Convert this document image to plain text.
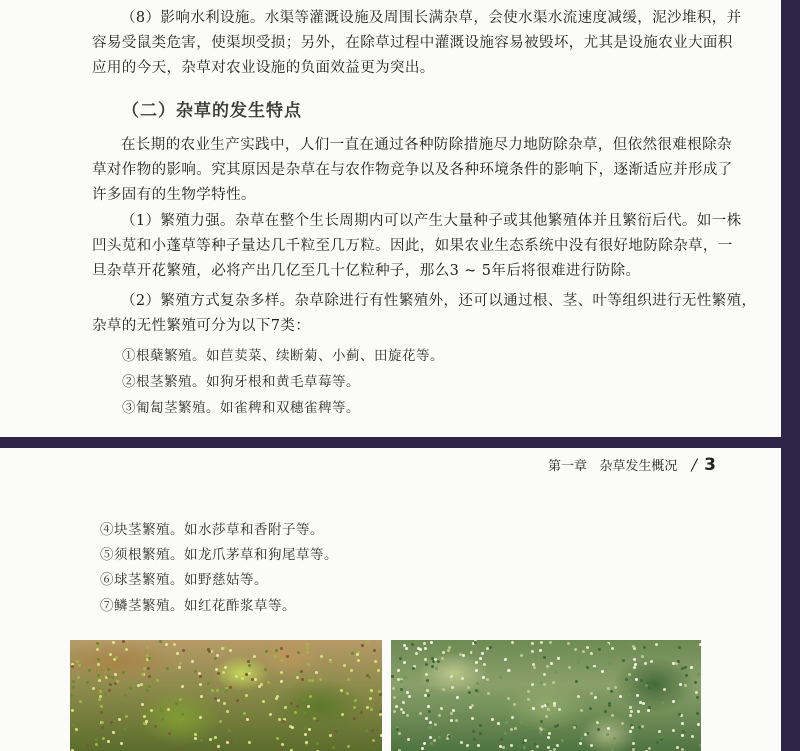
（8）影响水利设施。水渠等灌溉设施及周围长满杂草，会使水渠水流速度减缓，泥沙堆积，并
容易受鼠类危害，使渠坝受损；另外，在除草过程中灌溉设施容易被毁坏，尤其是设施农业大面积
应用的今天，杂草对农业设施的负面效益更为突出。

（二）杂草的发生特点

在长期的农业生产实践中，人们一直在通过各种防除措施尽力地防除杂草，但依然很难根除杂
草对作物的影响。究其原因是杂草在与农作物竞争以及各种环境条件的影响下，逐渐适应并形成了
许多固有的生物学特性。

（1）繁殖力强。杂草在整个生长周期内可以产生大量种子或其他繁殖体并且繁衍后代。如一株
凹头苋和小蓬草等种子量达几千粒至几万粒。因此，如果农业生态系统中没有很好地防除杂草，一
旦杂草开花繁殖，必将产出几亿至几十亿粒种子，那么3 ~ 5年后将很难进行防除。

（2）繁殖方式复杂多样。杂草除进行有性繁殖外，还可以通过根、茎、叶等组织进行无性繁殖，
杂草的无性繁殖可分为以下7类：

①根蘖繁殖。如苣荬菜、续断菊、小蓟、田旋花等。
②根茎繁殖。如狗牙根和黄毛草莓等。
③匍匐茎繁殖。如雀稗和双穗雀稗等。
第一章 杂草发生概况 / 3
④块茎繁殖。如水莎草和香附子等。
⑤须根繁殖。如龙爪茅草和狗尾草等。
⑥球茎繁殖。如野慈姑等。
⑦鳞茎繁殖。如红花酢浆草等。
